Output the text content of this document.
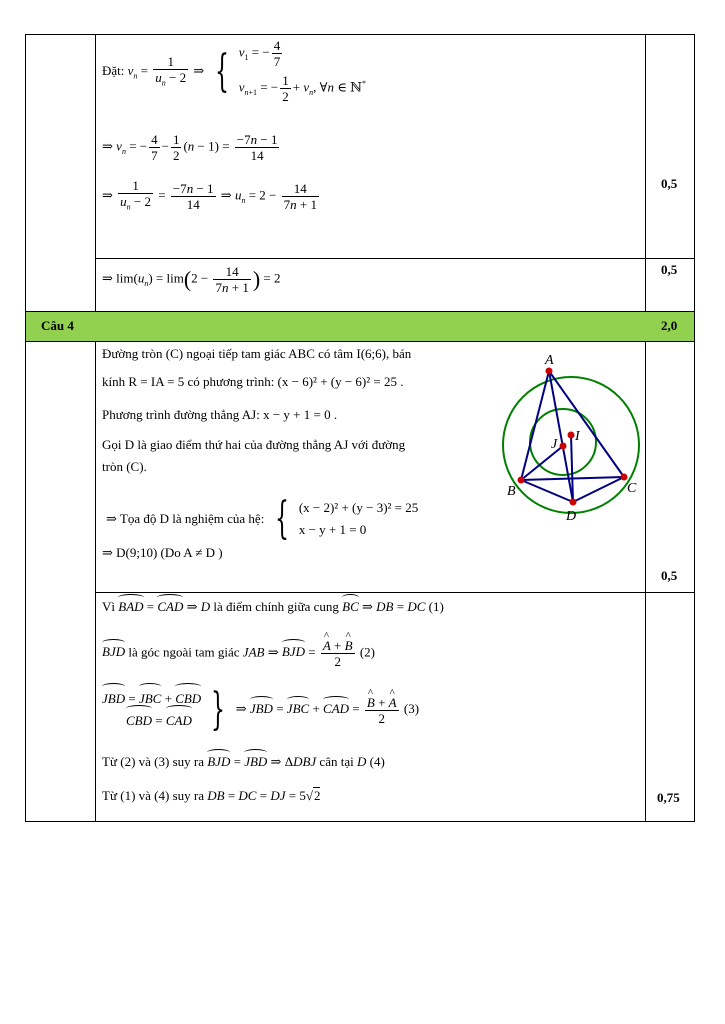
Đặt: $v_n = \frac{1}{u_n - 2}$ ⇒ { $v_1$ = − $\frac{4}{7}$
$v_{n+1}$ = − $\frac{1}{2} + v_n$, ∀n ∈ ℕ*
⇒ $v_n$ = − $\frac{4}{7} - \frac{1}{2} (n - 1) = \frac{-7n - 1}{14}$
⇒ $\frac{1}{u_n - 2} = \frac{-7n - 1}{14}$ ⇒ $u_n = 2 - \frac{14}{7n + 1}$	0,5
⇒ $\lim(u_n) = \lim(2 - \frac{14}{7n + 1}$ ) = 2
0,5
Câu 4	2,0
Đường tròn (C) ngoại tiếp tam giác ABC có tâm I(6;6), bán
kính R = IA = 5 có phương trình: (x − 6)² + (y − 6)² = 25 .
Phương trình đường thẳng AJ: x − y + 1 = 0 .
Gọi D là giao điểm thứ hai của đường thẳng AJ với đường
tròn (C).
⇒ Tọa độ D là nghiệm của hệ: { (x − 2)² + (y − 3)² = 25
x − y + 1 = 0
⇒ D(9;10) (Do A ≠ D )
0,5
A
B	C
D
I
J
Vì BAD = CAD ⇒ D là điểm chính giữa cung BC ⇒ DB = DC (1)
BJD là góc ngoài tam giác JAB ⇒ BJD = ^ $\frac{A + \^{} B}{2} (2)$
JBD = JBC + CBD
CBD = CAD } ⇒ JBD = JBC + CAD = ^ $\frac{B + \^{} A}{2} (3)$
Từ (2) và (3) suy ra BJD = JBD ⇒ ΔDBJ cân tại D (4)
Từ (1) và (4) suy ra DB = DC = DJ = 5√2	0,75
